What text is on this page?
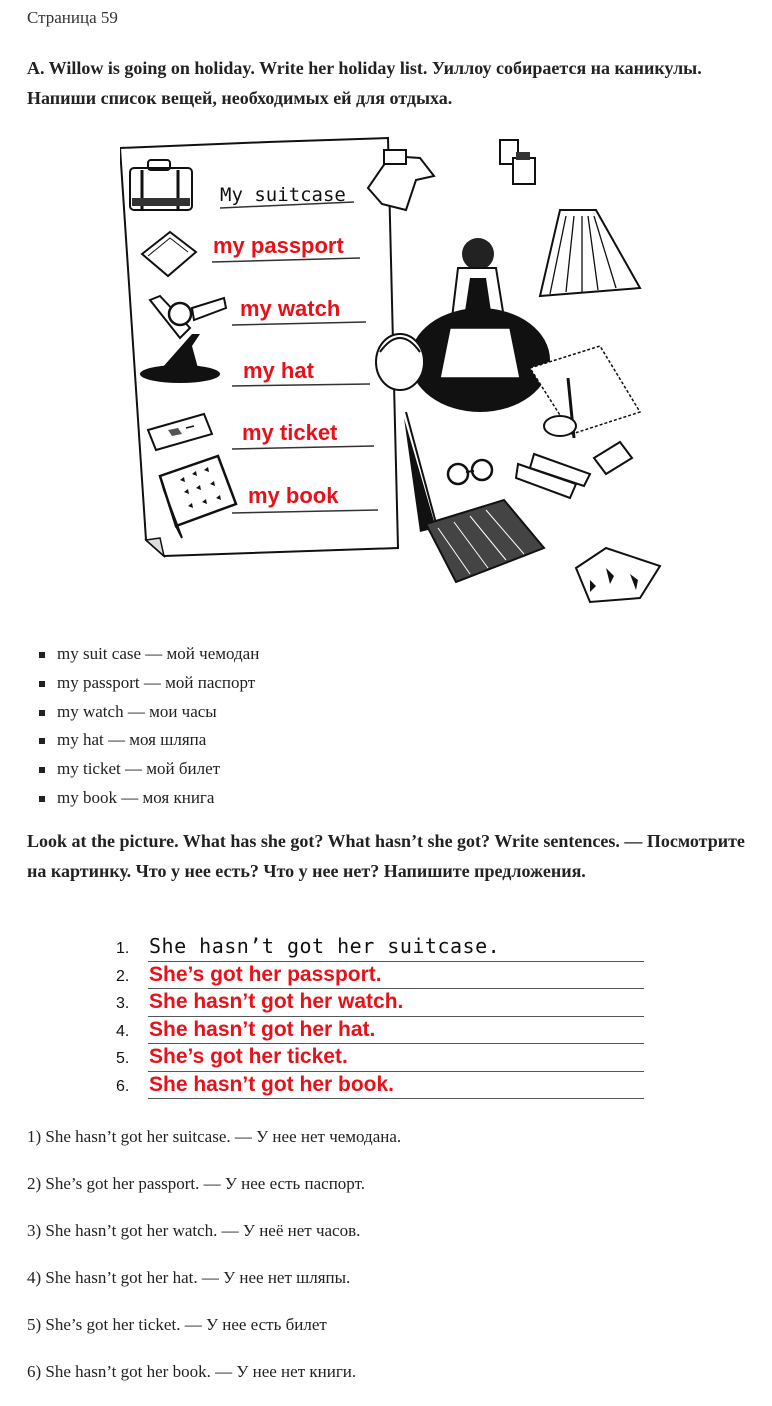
Страница 59
A. Willow is going on holiday. Write her holiday list. Уиллоу собирается на каникулы. Напиши список вещей, необходимых ей для отдыха.
My suitcase
my passport
my watch
my hat
my ticket
my book
my suit case — мой чемодан
my passport — мой паспорт
my watch — мои часы
my hat — моя шляпа
my ticket — мой билет
my book — моя книга
Look at the picture. What has she got? What hasn’t she got? Write sentences. — Посмотрите на картинку. Что у нее есть? Что у нее нет? Напишите предложения.
1. She hasn’t got her suitcase.
2. She’s got her passport.
3. She hasn’t got her watch.
4. She hasn’t got her hat.
5. She’s got her ticket.
6. She hasn’t got her book.

1) She hasn’t got her suitcase. — У нее нет чемодана.

2) She’s got her passport. — У нее есть паспорт.

3) She hasn’t got her watch. — У неё нет часов.

4) She hasn’t got her hat. — У нее нет шляпы.

5) She’s got her ticket. — У нее есть билет

6) She hasn’t got her book. — У нее нет книги.
